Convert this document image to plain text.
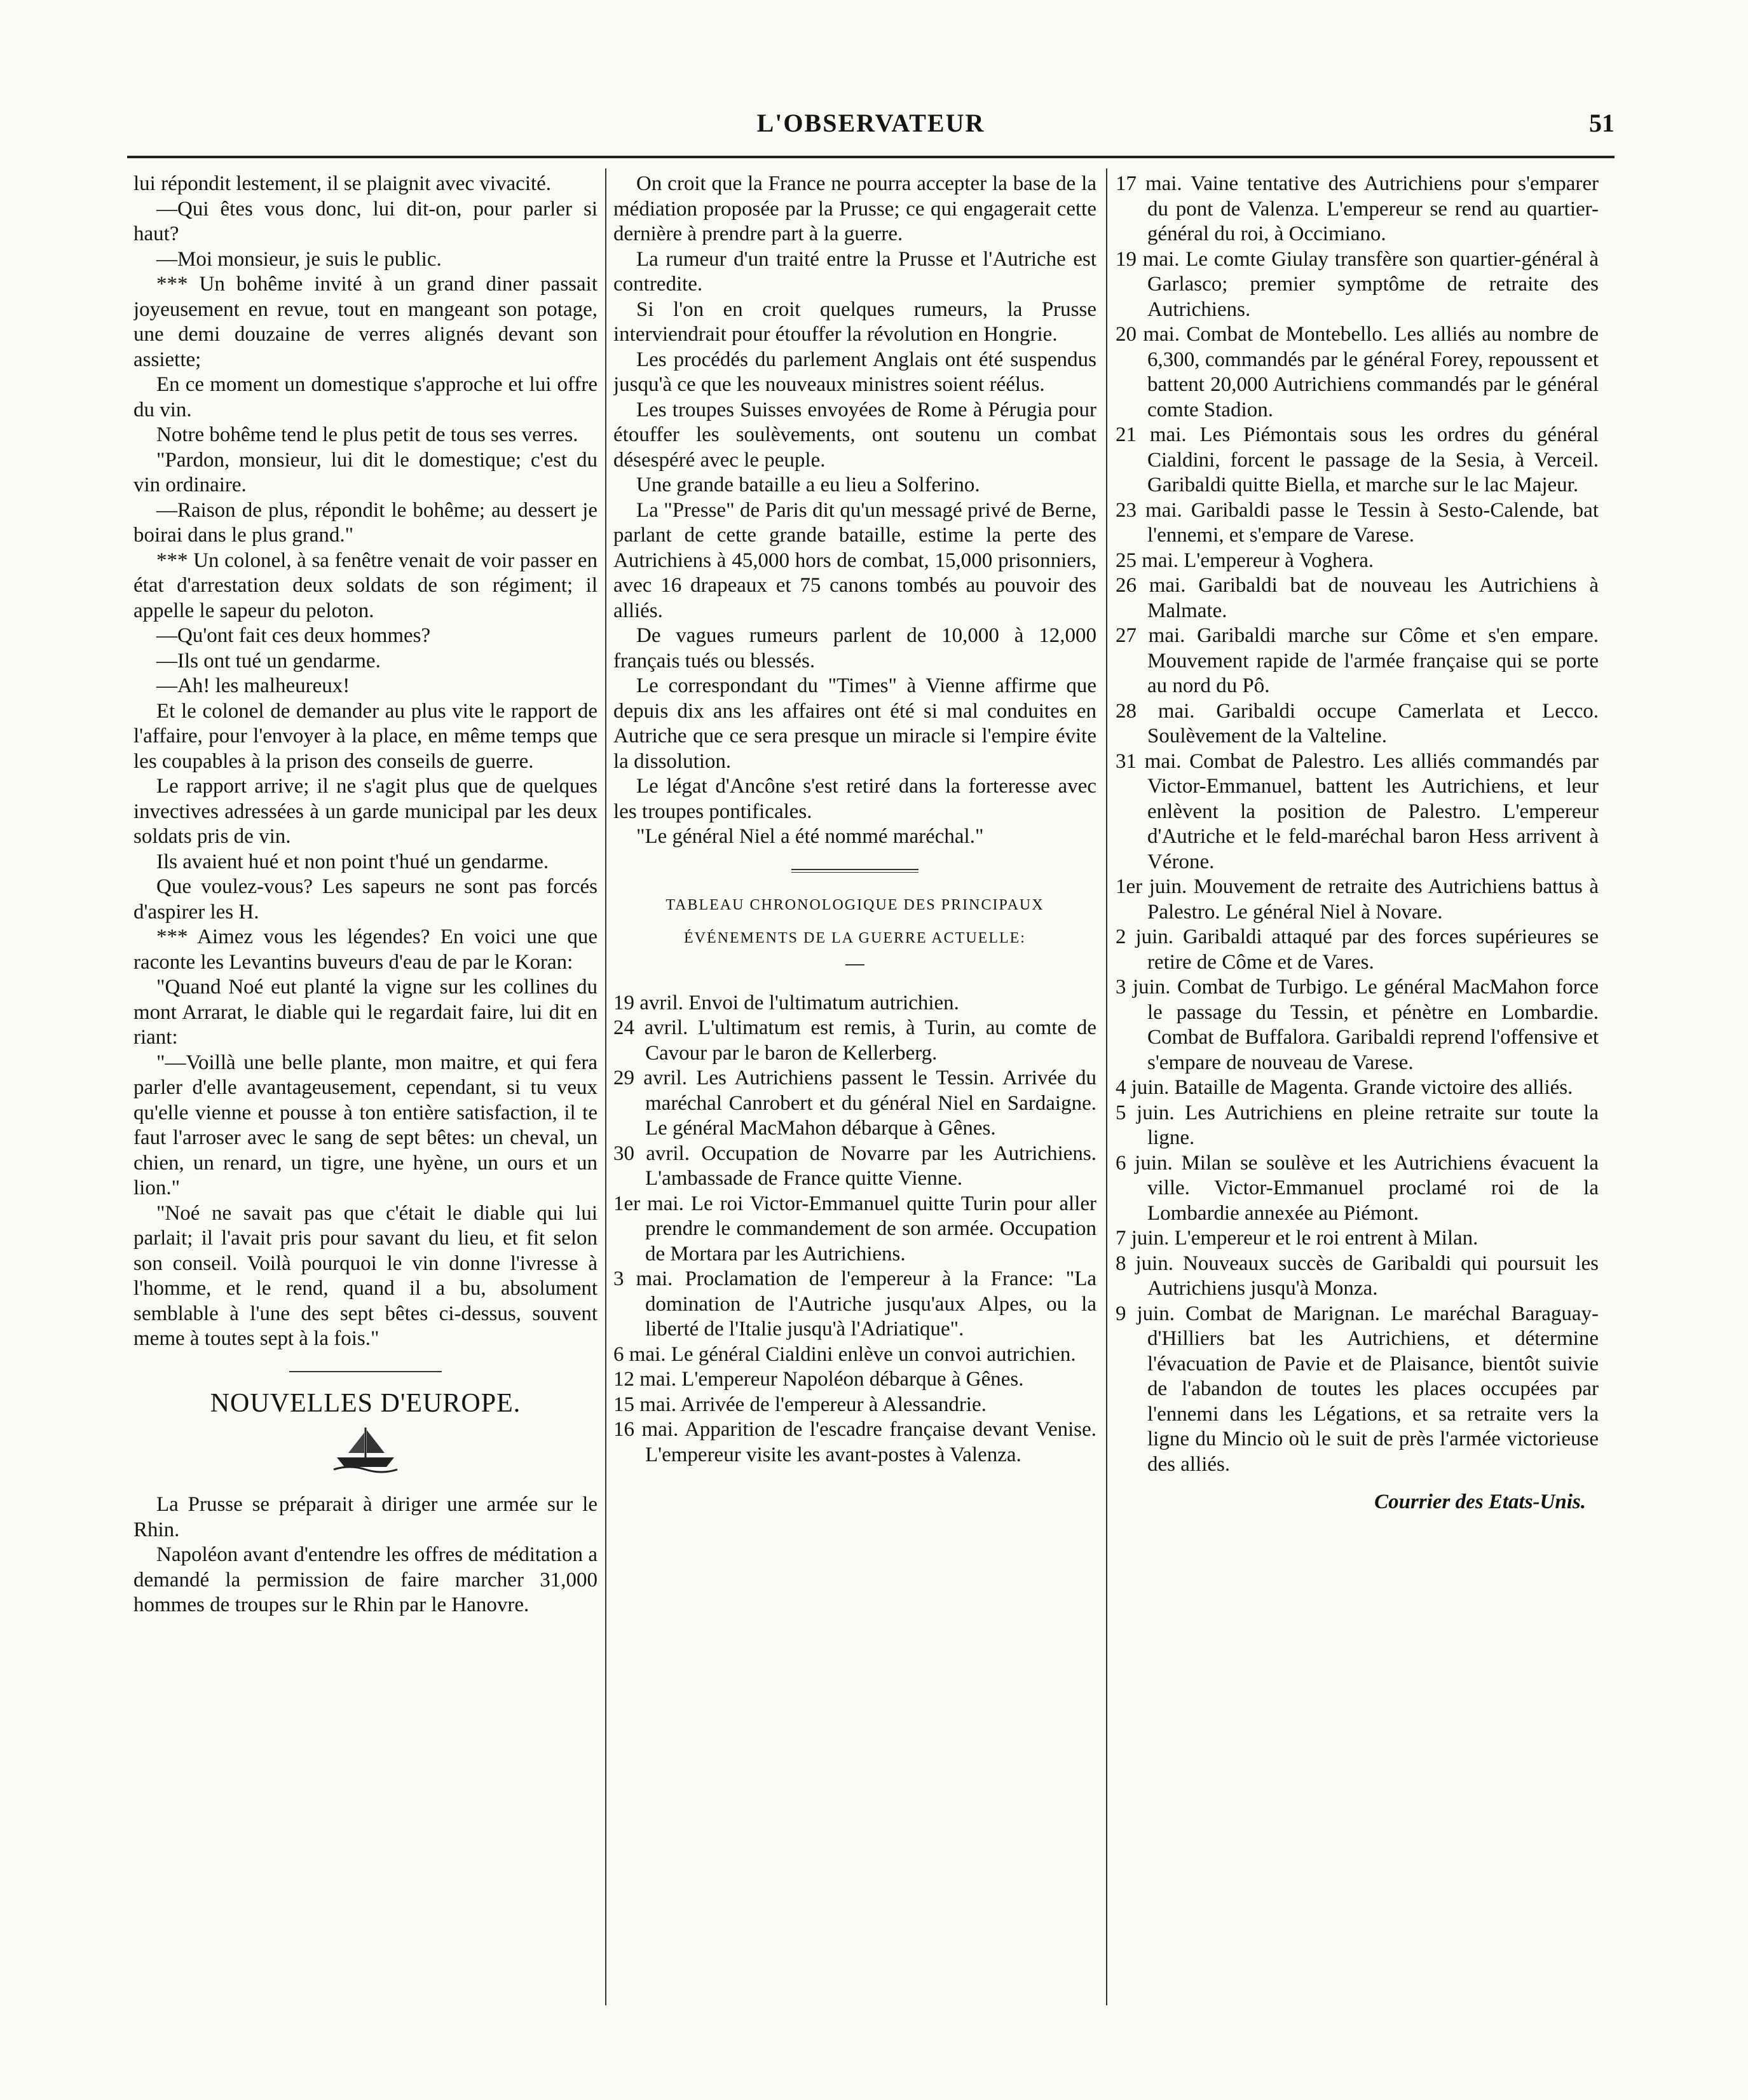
L'OBSERVATEUR	51

lui répondit lestement, il se plaignit avec vivacité.

—Qui êtes vous donc, lui dit-on, pour parler si haut?

—Moi monsieur, je suis le public.

*** Un bohême invité à un grand diner passait joyeusement en revue, tout en mangeant son potage, une demi douzaine de verres alignés devant son assiette;

En ce moment un domestique s'approche et lui offre du vin.

Notre bohême tend le plus petit de tous ses verres.

"Pardon, monsieur, lui dit le domestique; c'est du vin ordinaire.

—Raison de plus, répondit le bohême; au dessert je boirai dans le plus grand."

*** Un colonel, à sa fenêtre venait de voir passer en état d'arrestation deux soldats de son régiment; il appelle le sapeur du peloton.

—Qu'ont fait ces deux hommes?

—Ils ont tué un gendarme.

—Ah! les malheureux!

Et le colonel de demander au plus vite le rapport de l'affaire, pour l'envoyer à la place, en même temps que les coupables à la prison des conseils de guerre.

Le rapport arrive; il ne s'agit plus que de quelques invectives adressées à un garde municipal par les deux soldats pris de vin.

Ils avaient hué et non point t'hué un gendarme.

Que voulez-vous? Les sapeurs ne sont pas forcés d'aspirer les H.

*** Aimez vous les légendes? En voici une que raconte les Levantins buveurs d'eau de par le Koran:

"Quand Noé eut planté la vigne sur les collines du mont Arrarat, le diable qui le regardait faire, lui dit en riant:

"—Voillà une belle plante, mon maitre, et qui fera parler d'elle avantageusement, cependant, si tu veux qu'elle vienne et pousse à ton entière satisfaction, il te faut l'arroser avec le sang de sept bêtes: un cheval, un chien, un renard, un tigre, une hyène, un ours et un lion."

"Noé ne savait pas que c'était le diable qui lui parlait; il l'avait pris pour savant du lieu, et fit selon son conseil. Voilà pourquoi le vin donne l'ivresse à l'homme, et le rend, quand il a bu, absolument semblable à l'une des sept bêtes ci-dessus, souvent meme à toutes sept à la fois."

NOUVELLES D'EUROPE.

La Prusse se préparait à diriger une armée sur le Rhin.

Napoléon avant d'entendre les offres de méditation a demandé la permission de faire marcher 31,000 hommes de troupes sur le Rhin par le Hanovre.

On croit que la France ne pourra accepter la base de la médiation proposée par la Prusse; ce qui engagerait cette dernière à prendre part à la guerre.

La rumeur d'un traité entre la Prusse et l'Autriche est contredite.

Si l'on en croit quelques rumeurs, la Prusse interviendrait pour étouffer la révolution en Hongrie.

Les procédés du parlement Anglais ont été suspendus jusqu'à ce que les nouveaux ministres soient réélus.

Les troupes Suisses envoyées de Rome à Pérugia pour étouffer les soulèvements, ont soutenu un combat désespéré avec le peuple.

Une grande bataille a eu lieu a Solferino.

La "Presse" de Paris dit qu'un messagé privé de Berne, parlant de cette grande bataille, estime la perte des Autrichiens à 45,000 hors de combat, 15,000 prisonniers, avec 16 drapeaux et 75 canons tombés au pouvoir des alliés.

De vagues rumeurs parlent de 10,000 à 12,000 français tués ou blessés.

Le correspondant du "Times" à Vienne affirme que depuis dix ans les affaires ont été si mal conduites en Autriche que ce sera presque un miracle si l'empire évite la dissolution.

Le légat d'Ancône s'est retiré dans la forteresse avec les troupes pontificales.

"Le général Niel a été nommé maréchal."

TABLEAU CHRONOLOGIQUE DES PRINCIPAUX
ÉVÉNEMENTS DE LA GUERRE ACTUELLE:

19 avril. Envoi de l'ultimatum autrichien.

24 avril. L'ultimatum est remis, à Turin, au comte de Cavour par le baron de Kellerberg.

29 avril. Les Autrichiens passent le Tessin. Arrivée du maréchal Canrobert et du général Niel en Sardaigne. Le général MacMahon débarque à Gênes.

30 avril. Occupation de Novarre par les Autrichiens. L'ambassade de France quitte Vienne.

1er mai. Le roi Victor-Emmanuel quitte Turin pour aller prendre le commandement de son armée. Occupation de Mortara par les Autrichiens.

3 mai. Proclamation de l'empereur à la France: "La domination de l'Autriche jusqu'aux Alpes, ou la liberté de l'Italie jusqu'à l'Adriatique".

6 mai. Le général Cialdini enlève un convoi autrichien.

12 mai. L'empereur Napoléon débarque à Gênes.

15 mai. Arrivée de l'empereur à Alessandrie.

16 mai. Apparition de l'escadre française devant Venise. L'empereur visite les avant-postes à Valenza.

17 mai. Vaine tentative des Autrichiens pour s'emparer du pont de Valenza. L'empereur se rend au quartier-général du roi, à Occimiano.

19 mai. Le comte Giulay transfère son quartier-général à Garlasco; premier symptôme de retraite des Autrichiens.

20 mai. Combat de Montebello. Les alliés au nombre de 6,300, commandés par le général Forey, repoussent et battent 20,000 Autrichiens commandés par le général comte Stadion.

21 mai. Les Piémontais sous les ordres du général Cialdini, forcent le passage de la Sesia, à Verceil. Garibaldi quitte Biella, et marche sur le lac Majeur.

23 mai. Garibaldi passe le Tessin à Sesto-Calende, bat l'ennemi, et s'empare de Varese.

25 mai. L'empereur à Voghera.

26 mai. Garibaldi bat de nouveau les Autrichiens à Malmate.

27 mai. Garibaldi marche sur Côme et s'en empare. Mouvement rapide de l'armée française qui se porte au nord du Pô.

28 mai. Garibaldi occupe Camerlata et Lecco. Soulèvement de la Valteline.

31 mai. Combat de Palestro. Les alliés commandés par Victor-Emmanuel, battent les Autrichiens, et leur enlèvent la position de Palestro. L'empereur d'Autriche et le feld-maréchal baron Hess arrivent à Vérone.

1er juin. Mouvement de retraite des Autrichiens battus à Palestro. Le général Niel à Novare.

2 juin. Garibaldi attaqué par des forces supérieures se retire de Côme et de Vares.

3 juin. Combat de Turbigo. Le général MacMahon force le passage du Tessin, et pénètre en Lombardie. Combat de Buffalora. Garibaldi reprend l'offensive et s'empare de nouveau de Varese.

4 juin. Bataille de Magenta. Grande victoire des alliés.

5 juin. Les Autrichiens en pleine retraite sur toute la ligne.

6 juin. Milan se soulève et les Autrichiens évacuent la ville. Victor-Emmanuel proclamé roi de la Lombardie annexée au Piémont.

7 juin. L'empereur et le roi entrent à Milan.

8 juin. Nouveaux succès de Garibaldi qui poursuit les Autrichiens jusqu'à Monza.

9 juin. Combat de Marignan. Le maréchal Baraguay-d'Hilliers bat les Autrichiens, et détermine l'évacuation de Pavie et de Plaisance, bientôt suivie de l'abandon de toutes les places occupées par l'ennemi dans les Légations, et sa retraite vers la ligne du Mincio où le suit de près l'armée victorieuse des alliés.

Courrier des Etats-Unis.
